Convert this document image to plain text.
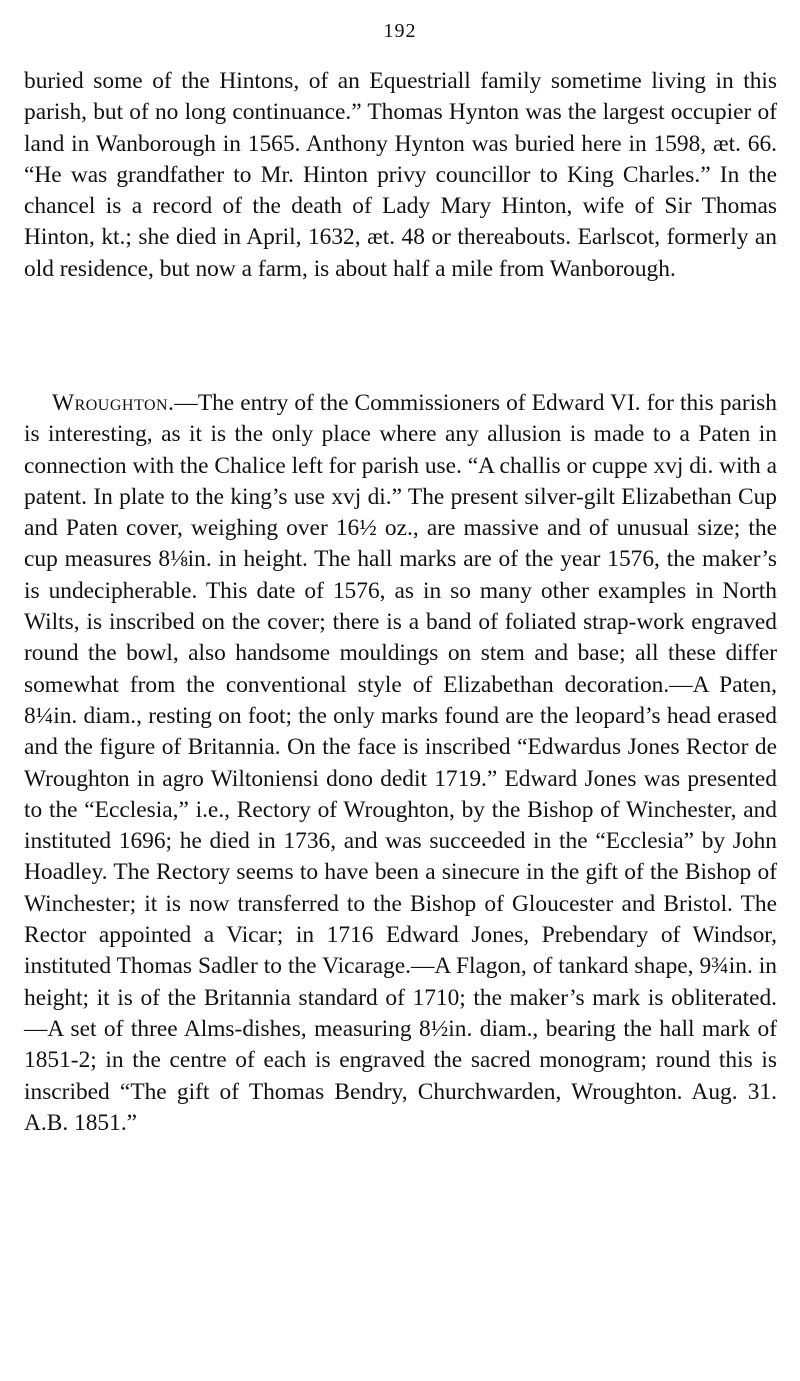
192

buried some of the Hintons, of an Equestriall family sometime living in this parish, but of no long continuance.” Thomas Hynton was the largest occupier of land in Wanborough in 1565. Anthony Hynton was buried here in 1598, æt. 66. “He was grandfather to Mr. Hinton privy councillor to King Charles.” In the chancel is a record of the death of Lady Mary Hinton, wife of Sir Thomas Hinton, kt.; she died in April, 1632, æt. 48 or thereabouts. Earlscot, formerly an old residence, but now a farm, is about half a mile from Wanborough.

Wroughton.—The entry of the Commissioners of Edward VI. for this parish is interesting, as it is the only place where any allusion is made to a Paten in connection with the Chalice left for parish use. “A challis or cuppe xvj di. with a patent. In plate to the king’s use xvj di.” The present silver-gilt Elizabethan Cup and Paten cover, weighing over 16½ oz., are massive and of unusual size; the cup measures 8⅛in. in height. The hall marks are of the year 1576, the maker’s is undecipherable. This date of 1576, as in so many other examples in North Wilts, is inscribed on the cover; there is a band of foliated strap-work engraved round the bowl, also handsome mouldings on stem and base; all these differ somewhat from the conventional style of Elizabethan decoration.—A Paten, 8¼in. diam., resting on foot; the only marks found are the leopard’s head erased and the figure of Britannia. On the face is inscribed “Edwardus Jones Rector de Wroughton in agro Wiltoniensi dono dedit 1719.” Edward Jones was presented to the “Ecclesia,” i.e., Rectory of Wroughton, by the Bishop of Winchester, and instituted 1696; he died in 1736, and was succeeded in the “Ecclesia” by John Hoadley. The Rectory seems to have been a sinecure in the gift of the Bishop of Winchester; it is now transferred to the Bishop of Gloucester and Bristol. The Rector appointed a Vicar; in 1716 Edward Jones, Prebendary of Windsor, instituted Thomas Sadler to the Vicarage.—A Flagon, of tankard shape, 9¾in. in height; it is of the Britannia standard of 1710; the maker’s mark is obliterated.—A set of three Alms-dishes, measuring 8½in. diam., bearing the hall mark of 1851-2; in the centre of each is engraved the sacred monogram; round this is inscribed “The gift of Thomas Bendry, Churchwarden, Wroughton. Aug. 31. A.B. 1851.”
